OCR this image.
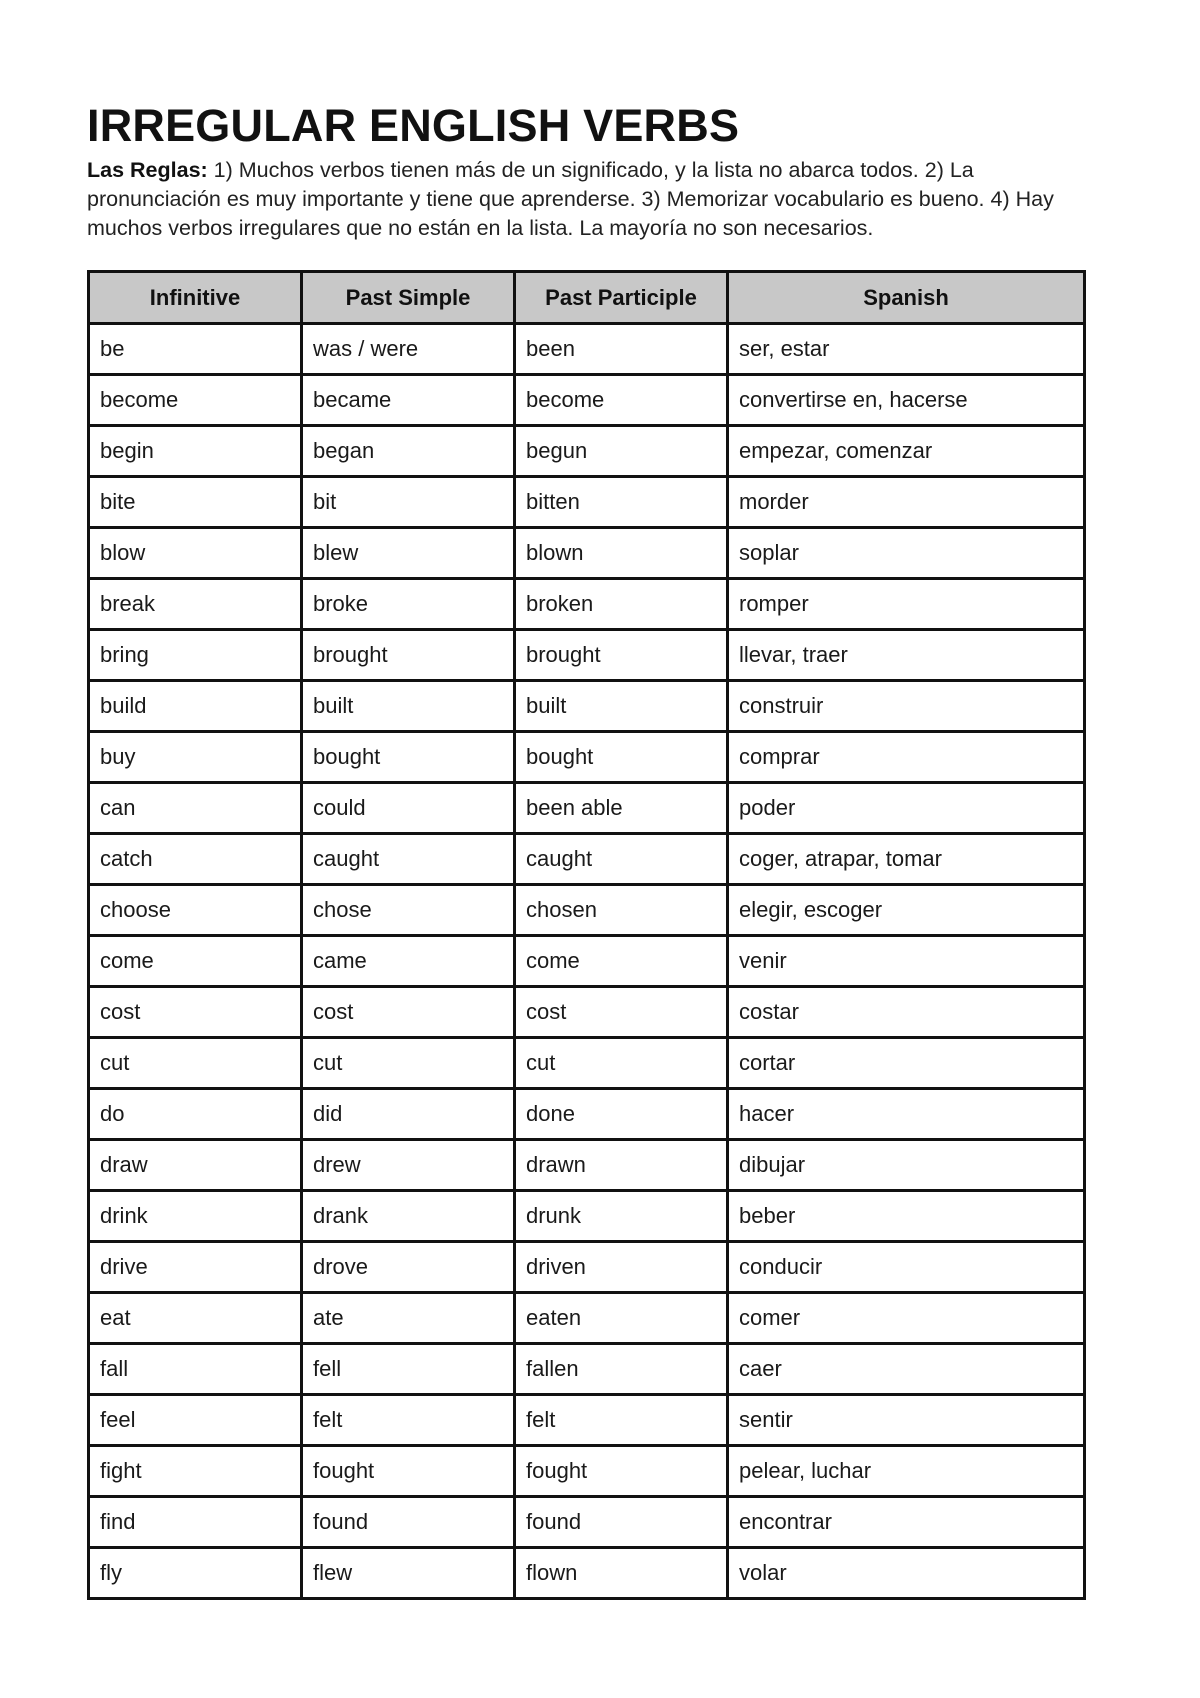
IRREGULAR ENGLISH VERBS
Las Reglas: 1) Muchos verbos tienen más de un significado, y la lista no abarca todos. 2) La pronunciación es muy importante y tiene que aprenderse. 3) Memorizar vocabulario es bueno. 4) Hay muchos verbos irregulares que no están en la lista. La mayoría no son necesarios.
Infinitive	Past Simple	Past Participle	Spanish
be	was / were	been	ser, estar
become	became	become	convertirse en, hacerse
begin	began	begun	empezar, comenzar
bite	bit	bitten	morder
blow	blew	blown	soplar
break	broke	broken	romper
bring	brought	brought	llevar, traer
build	built	built	construir
buy	bought	bought	comprar
can	could	been able	poder
catch	caught	caught	coger, atrapar, tomar
choose	chose	chosen	elegir, escoger
come	came	come	venir
cost	cost	cost	costar
cut	cut	cut	cortar
do	did	done	hacer
draw	drew	drawn	dibujar
drink	drank	drunk	beber
drive	drove	driven	conducir
eat	ate	eaten	comer
fall	fell	fallen	caer
feel	felt	felt	sentir
fight	fought	fought	pelear, luchar
find	found	found	encontrar
fly	flew	flown	volar
